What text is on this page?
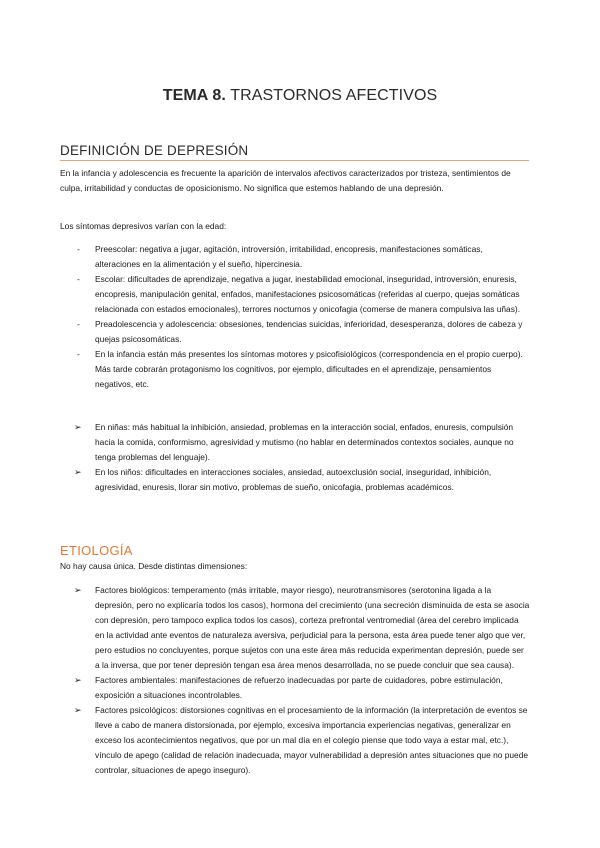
TEMA 8. TRASTORNOS AFECTIVOS
DEFINICIÓN DE DEPRESIÓN
En la infancia y adolescencia es frecuente la aparición de intervalos afectivos caracterizados por tristeza, sentimientos de culpa, irritabilidad y conductas de oposicionismo. No significa que estemos hablando de una depresión.
Los síntomas depresivos varían con la edad:
- Preescolar: negativa a jugar, agitación, introversión, irritabilidad, encopresis, manifestaciones somáticas, alteraciones en la alimentación y el sueño, hipercinesia.
- Escolar: dificultades de aprendizaje, negativa a jugar, inestabilidad emocional, inseguridad, introversión, enuresis, encopresis, manipulación genital, enfados, manifestaciones psicosomáticas (referidas al cuerpo, quejas somáticas relacionada con estados emocionales), terrores nocturnos y onicofagia (comerse de manera compulsiva las uñas).
- Preadolescencia y adolescencia: obsesiones, tendencias suicidas, inferioridad, desesperanza, dolores de cabeza y quejas psicosomáticas.
- En la infancia están más presentes los síntomas motores y psicofisiológicos (correspondencia en el propio cuerpo). Más tarde cobrarán protagonismo los cognitivos, por ejemplo, dificultades en el aprendizaje, pensamientos negativos, etc.
➢ En niñas: más habitual la inhibición, ansiedad, problemas en la interacción social, enfados, enuresis, compulsión hacia la comida, conformismo, agresividad y mutismo (no hablar en determinados contextos sociales, aunque no tenga problemas del lenguaje).
➢ En los niños: dificultades en interacciones sociales, ansiedad, autoexclusión social, inseguridad, inhibición, agresividad, enuresis, llorar sin motivo, problemas de sueño, onicofagia, problemas académicos.
ETIOLOGÍA
No hay causa única. Desde distintas dimensiones:
➢ Factores biológicos: temperamento (más irritable, mayor riesgo), neurotransmisores (serotonina ligada a la depresión, pero no explicaría todos los casos), hormona del crecimiento (una secreción disminuida de esta se asocia con depresión, pero tampoco explica todos los casos), corteza prefrontal ventromedial (área del cerebro implicada en la actividad ante eventos de naturaleza aversiva, perjudicial para la persona, esta área puede tener algo que ver, pero estudios no concluyentes, porque sujetos con una este área más reducida experimentan depresión, puede ser a la inversa, que por tener depresión tengan esa área menos desarrollada, no se puede concluir que sea causa).
➢ Factores ambientales: manifestaciones de refuerzo inadecuadas por parte de cuidadores, pobre estimulación, exposición a situaciones incontrolables.
➢ Factores psicológicos: distorsiones cognitivas en el procesamiento de la información (la interpretación de eventos se lleve a cabo de manera distorsionada, por ejemplo, excesiva importancia experiencias negativas, generalizar en exceso los acontecimientos negativos, que por un mal día en el colegio piense que todo vaya a estar mal, etc.), vínculo de apego (calidad de relación inadecuada, mayor vulnerabilidad a depresión antes situaciones que no puede controlar, situaciones de apego inseguro).
